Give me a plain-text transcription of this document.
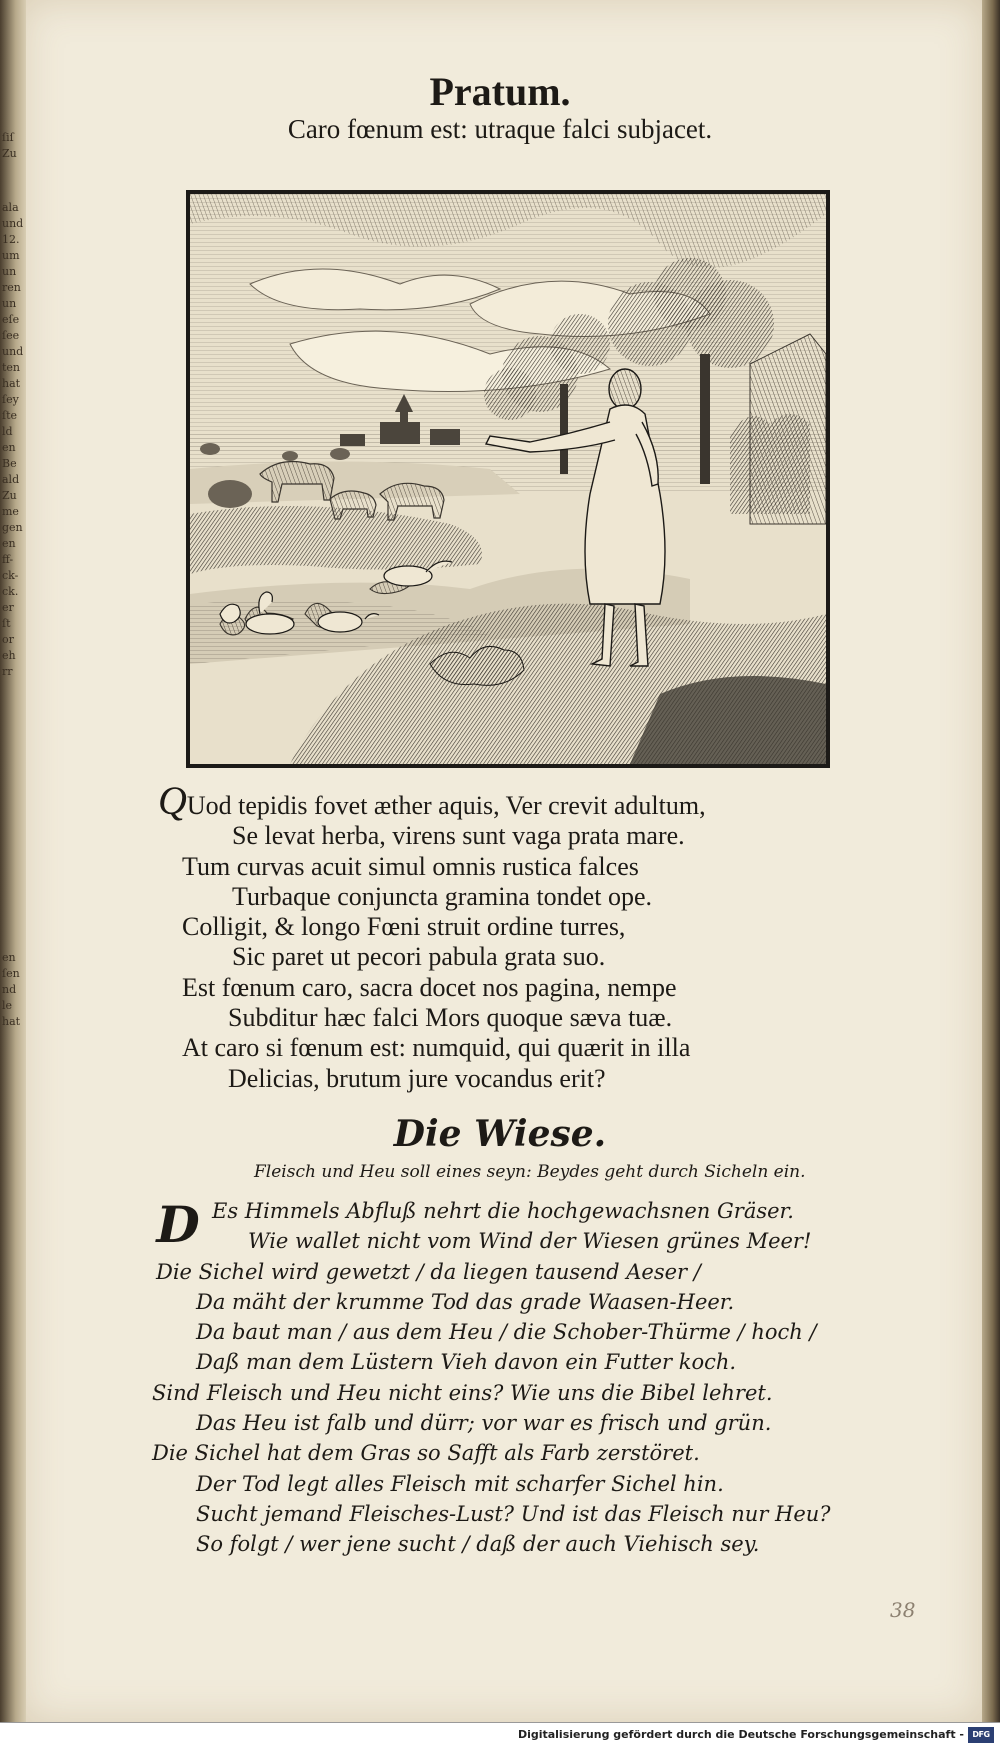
ſiſ
Zu
ala
und
12.
um
un
ren
un
eſe
ſee
und
ten
hat
ſey
ſte
ld
en
Be
ald
Zu
me
gen
en
ff-
ck-
ck.
er
ſt
or
eh
rr
en
ſen
nd
le
hat
Pratum.
Caro fœnum est: utraque falci subjacet.
QUod tepidis fovet æther aquis, Ver crevit adultum,
Se levat herba, virens sunt vaga prata mare.
Tum curvas acuit simul omnis rustica falces
Turbaque conjuncta gramina tondet ope.
Colligit, & longo Fœni struit ordine turres,
Sic paret ut pecori pabula grata suo.
Est fœnum caro, sacra docet nos pagina, nempe
Subditur hæc falci Mors quoque sæva tuæ.
At caro si fœnum est: numquid, qui quærit in illa
Delicias, brutum jure vocandus erit?
Die Wiese.
Fleisch und Heu soll eines seyn: Beydes geht durch Sicheln ein.
D Es Himmels Abfluß nehrt die hochgewachsnen Gräser.
Wie wallet nicht vom Wind der Wiesen grünes Meer!
Die Sichel wird gewetzt / da liegen tausend Aeser /
Da mäht der krumme Tod das grade Waasen-Heer.
Da baut man / aus dem Heu / die Schober-Thürme / hoch /
Daß man dem Lüstern Vieh davon ein Futter koch.
Sind Fleisch und Heu nicht eins? Wie uns die Bibel lehret.
Das Heu ist falb und dürr; vor war es frisch und grün.
Die Sichel hat dem Gras so Safft als Farb zerstöret.
Der Tod legt alles Fleisch mit scharfer Sichel hin.
Sucht jemand Fleisches-Lust? Und ist das Fleisch nur Heu?
So folgt / wer jene sucht / daß der auch Viehisch sey.
38
Digitalisierung gefördert durch die Deutsche Forschungsgemeinschaft -	DFG
